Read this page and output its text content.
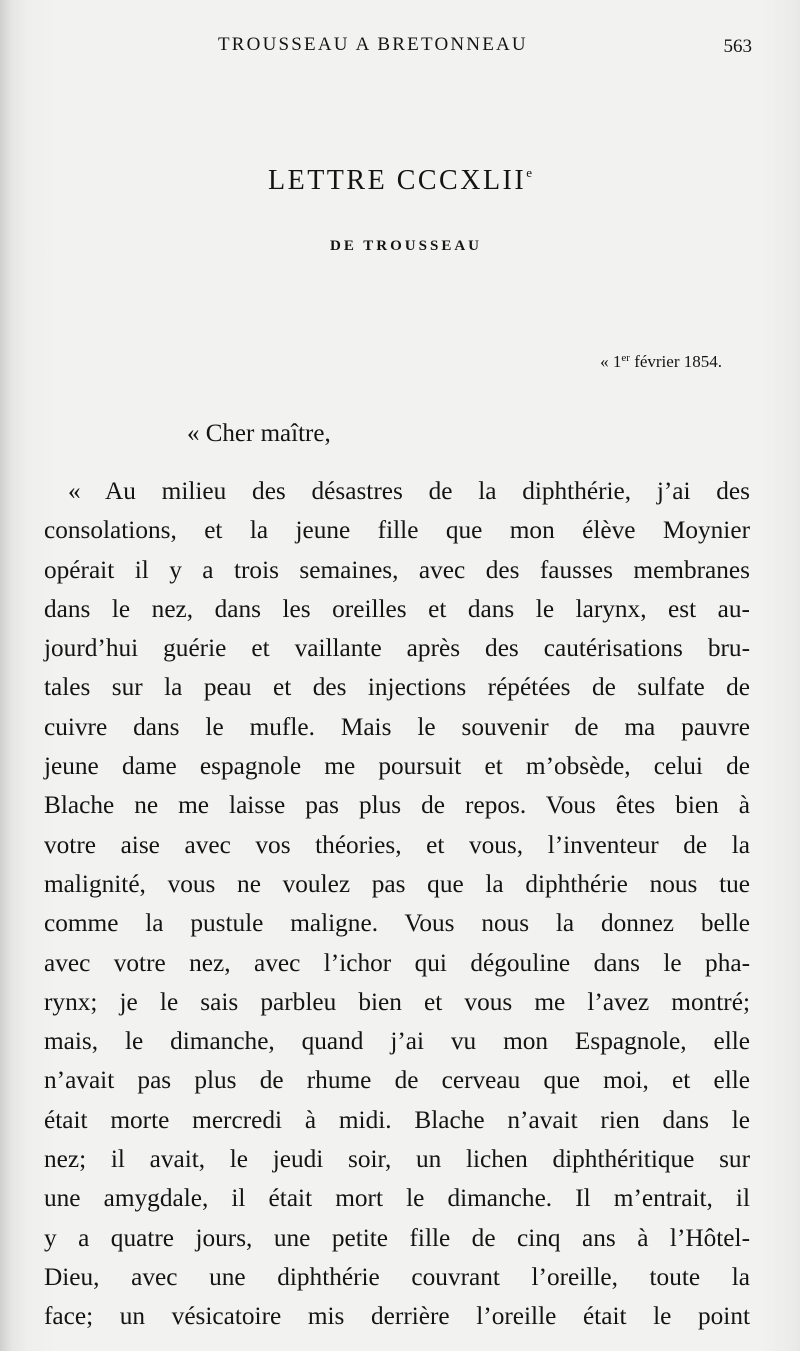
TROUSSEAU A BRETONNEAU	563
LETTRE CCCXLIIe
DE TROUSSEAU
« 1er février 1854.
« Cher maître,
« Au milieu des désastres de la diphthérie, j’ai des
consolations, et la jeune fille que mon élève Moynier
opérait il y a trois semaines, avec des fausses membranes
dans le nez, dans les oreilles et dans le larynx, est au-
jourd’hui guérie et vaillante après des cautérisations bru-
tales sur la peau et des injections répétées de sulfate de
cuivre dans le mufle. Mais le souvenir de ma pauvre
jeune dame espagnole me poursuit et m’obsède, celui de
Blache ne me laisse pas plus de repos. Vous êtes bien à
votre aise avec vos théories, et vous, l’inventeur de la
malignité, vous ne voulez pas que la diphthérie nous tue
comme la pustule maligne. Vous nous la donnez belle
avec votre nez, avec l’ichor qui dégouline dans le pha-
rynx; je le sais parbleu bien et vous me l’avez montré;
mais, le dimanche, quand j’ai vu mon Espagnole, elle
n’avait pas plus de rhume de cerveau que moi, et elle
était morte mercredi à midi. Blache n’avait rien dans le
nez; il avait, le jeudi soir, un lichen diphthéritique sur
une amygdale, il était mort le dimanche. Il m’entrait, il
y a quatre jours, une petite fille de cinq ans à l’Hôtel-
Dieu, avec une diphthérie couvrant l’oreille, toute la
face; un vésicatoire mis derrière l’oreille était le point
